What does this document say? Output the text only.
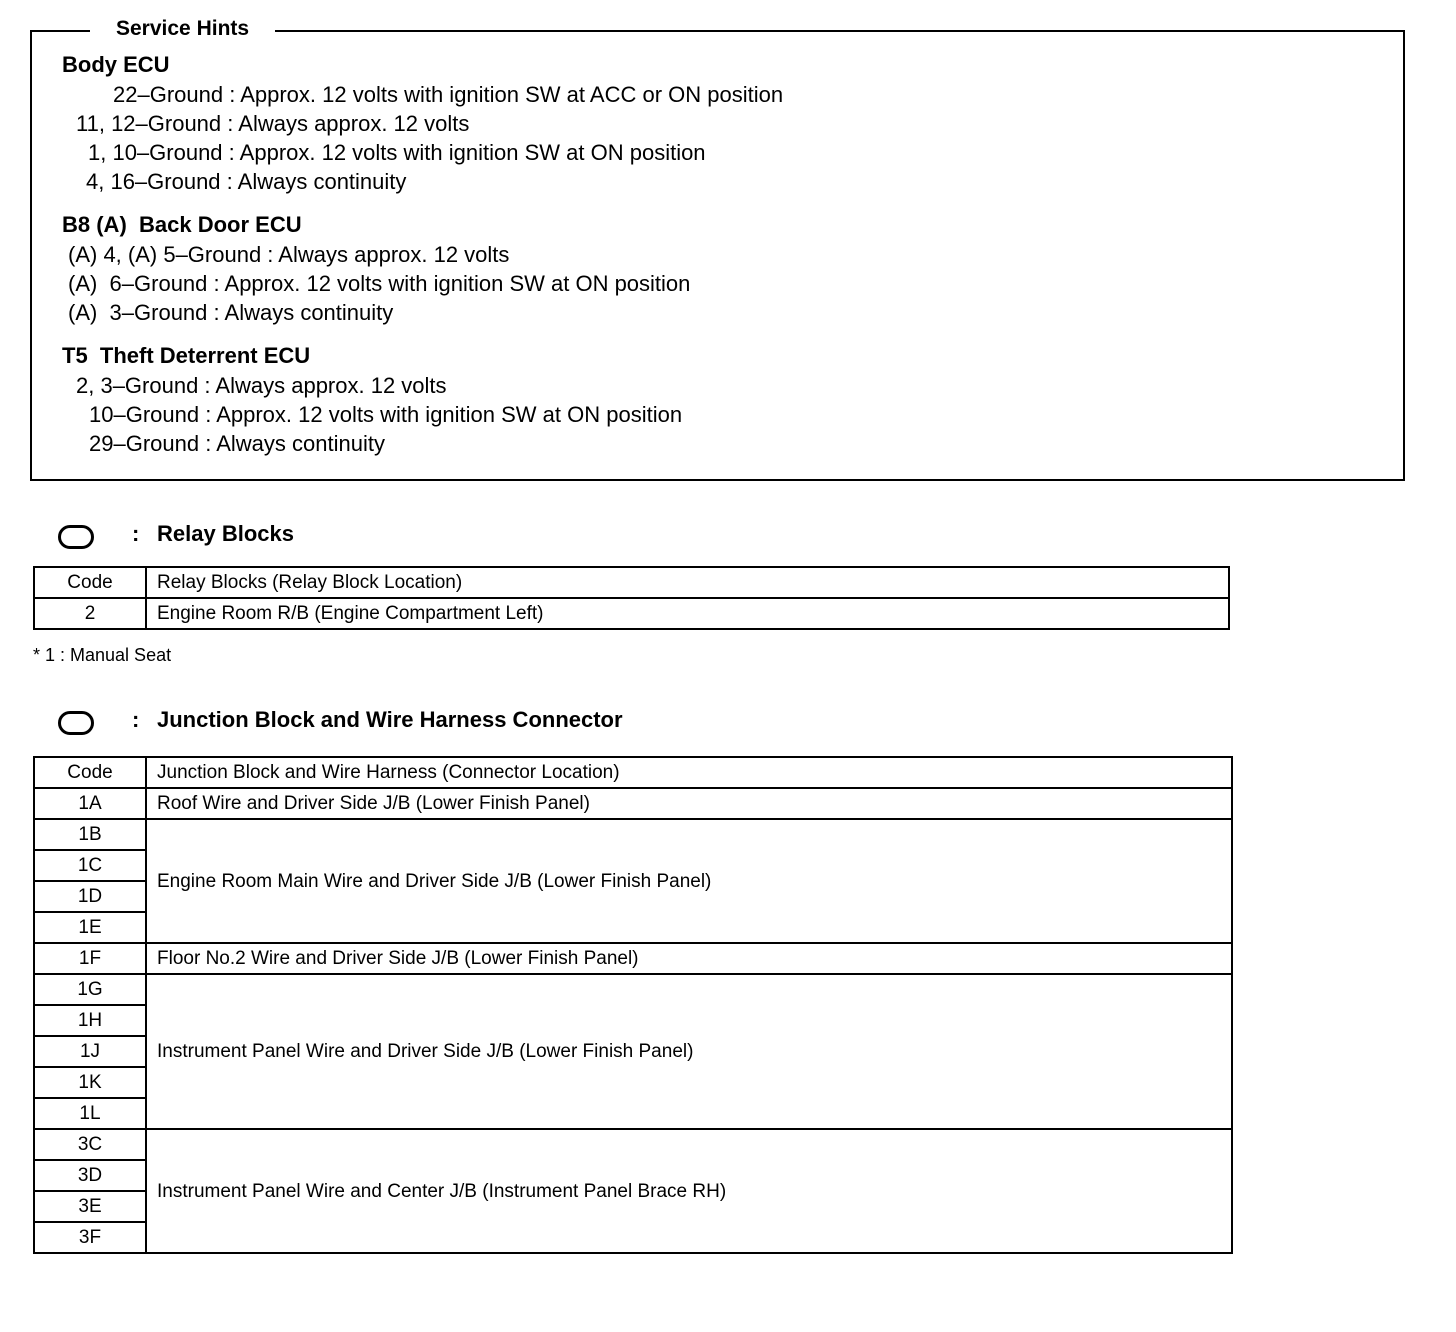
Service Hints
Body ECU
22–Ground : Approx. 12 volts with ignition SW at ACC or ON position
11, 12–Ground : Always approx. 12 volts
1, 10–Ground : Approx. 12 volts with ignition SW at ON position
4, 16–Ground : Always continuity
B8 (A)  Back Door ECU
(A) 4, (A) 5–Ground : Always approx. 12 volts
(A)  6–Ground : Approx. 12 volts with ignition SW at ON position
(A)  3–Ground : Always continuity
T5  Theft Deterrent ECU
2, 3–Ground : Always approx. 12 volts
10–Ground : Approx. 12 volts with ignition SW at ON position
29–Ground : Always continuity
: Relay Blocks
Code	Relay Blocks (Relay Block Location)
2	Engine Room R/B (Engine Compartment Left)
* 1 : Manual Seat
: Junction Block and Wire Harness Connector
Code	Junction Block and Wire Harness (Connector Location)
1A	Roof Wire and Driver Side J/B (Lower Finish Panel)
1B	Engine Room Main Wire and Driver Side J/B (Lower Finish Panel)
1C	
1D	
1E	
1F	Floor No.2 Wire and Driver Side J/B (Lower Finish Panel)
1G	Instrument Panel Wire and Driver Side J/B (Lower Finish Panel)
1H	
1J	
1K	
1L	
3C	Instrument Panel Wire and Center J/B (Instrument Panel Brace RH)
3D	
3E	
3F	
